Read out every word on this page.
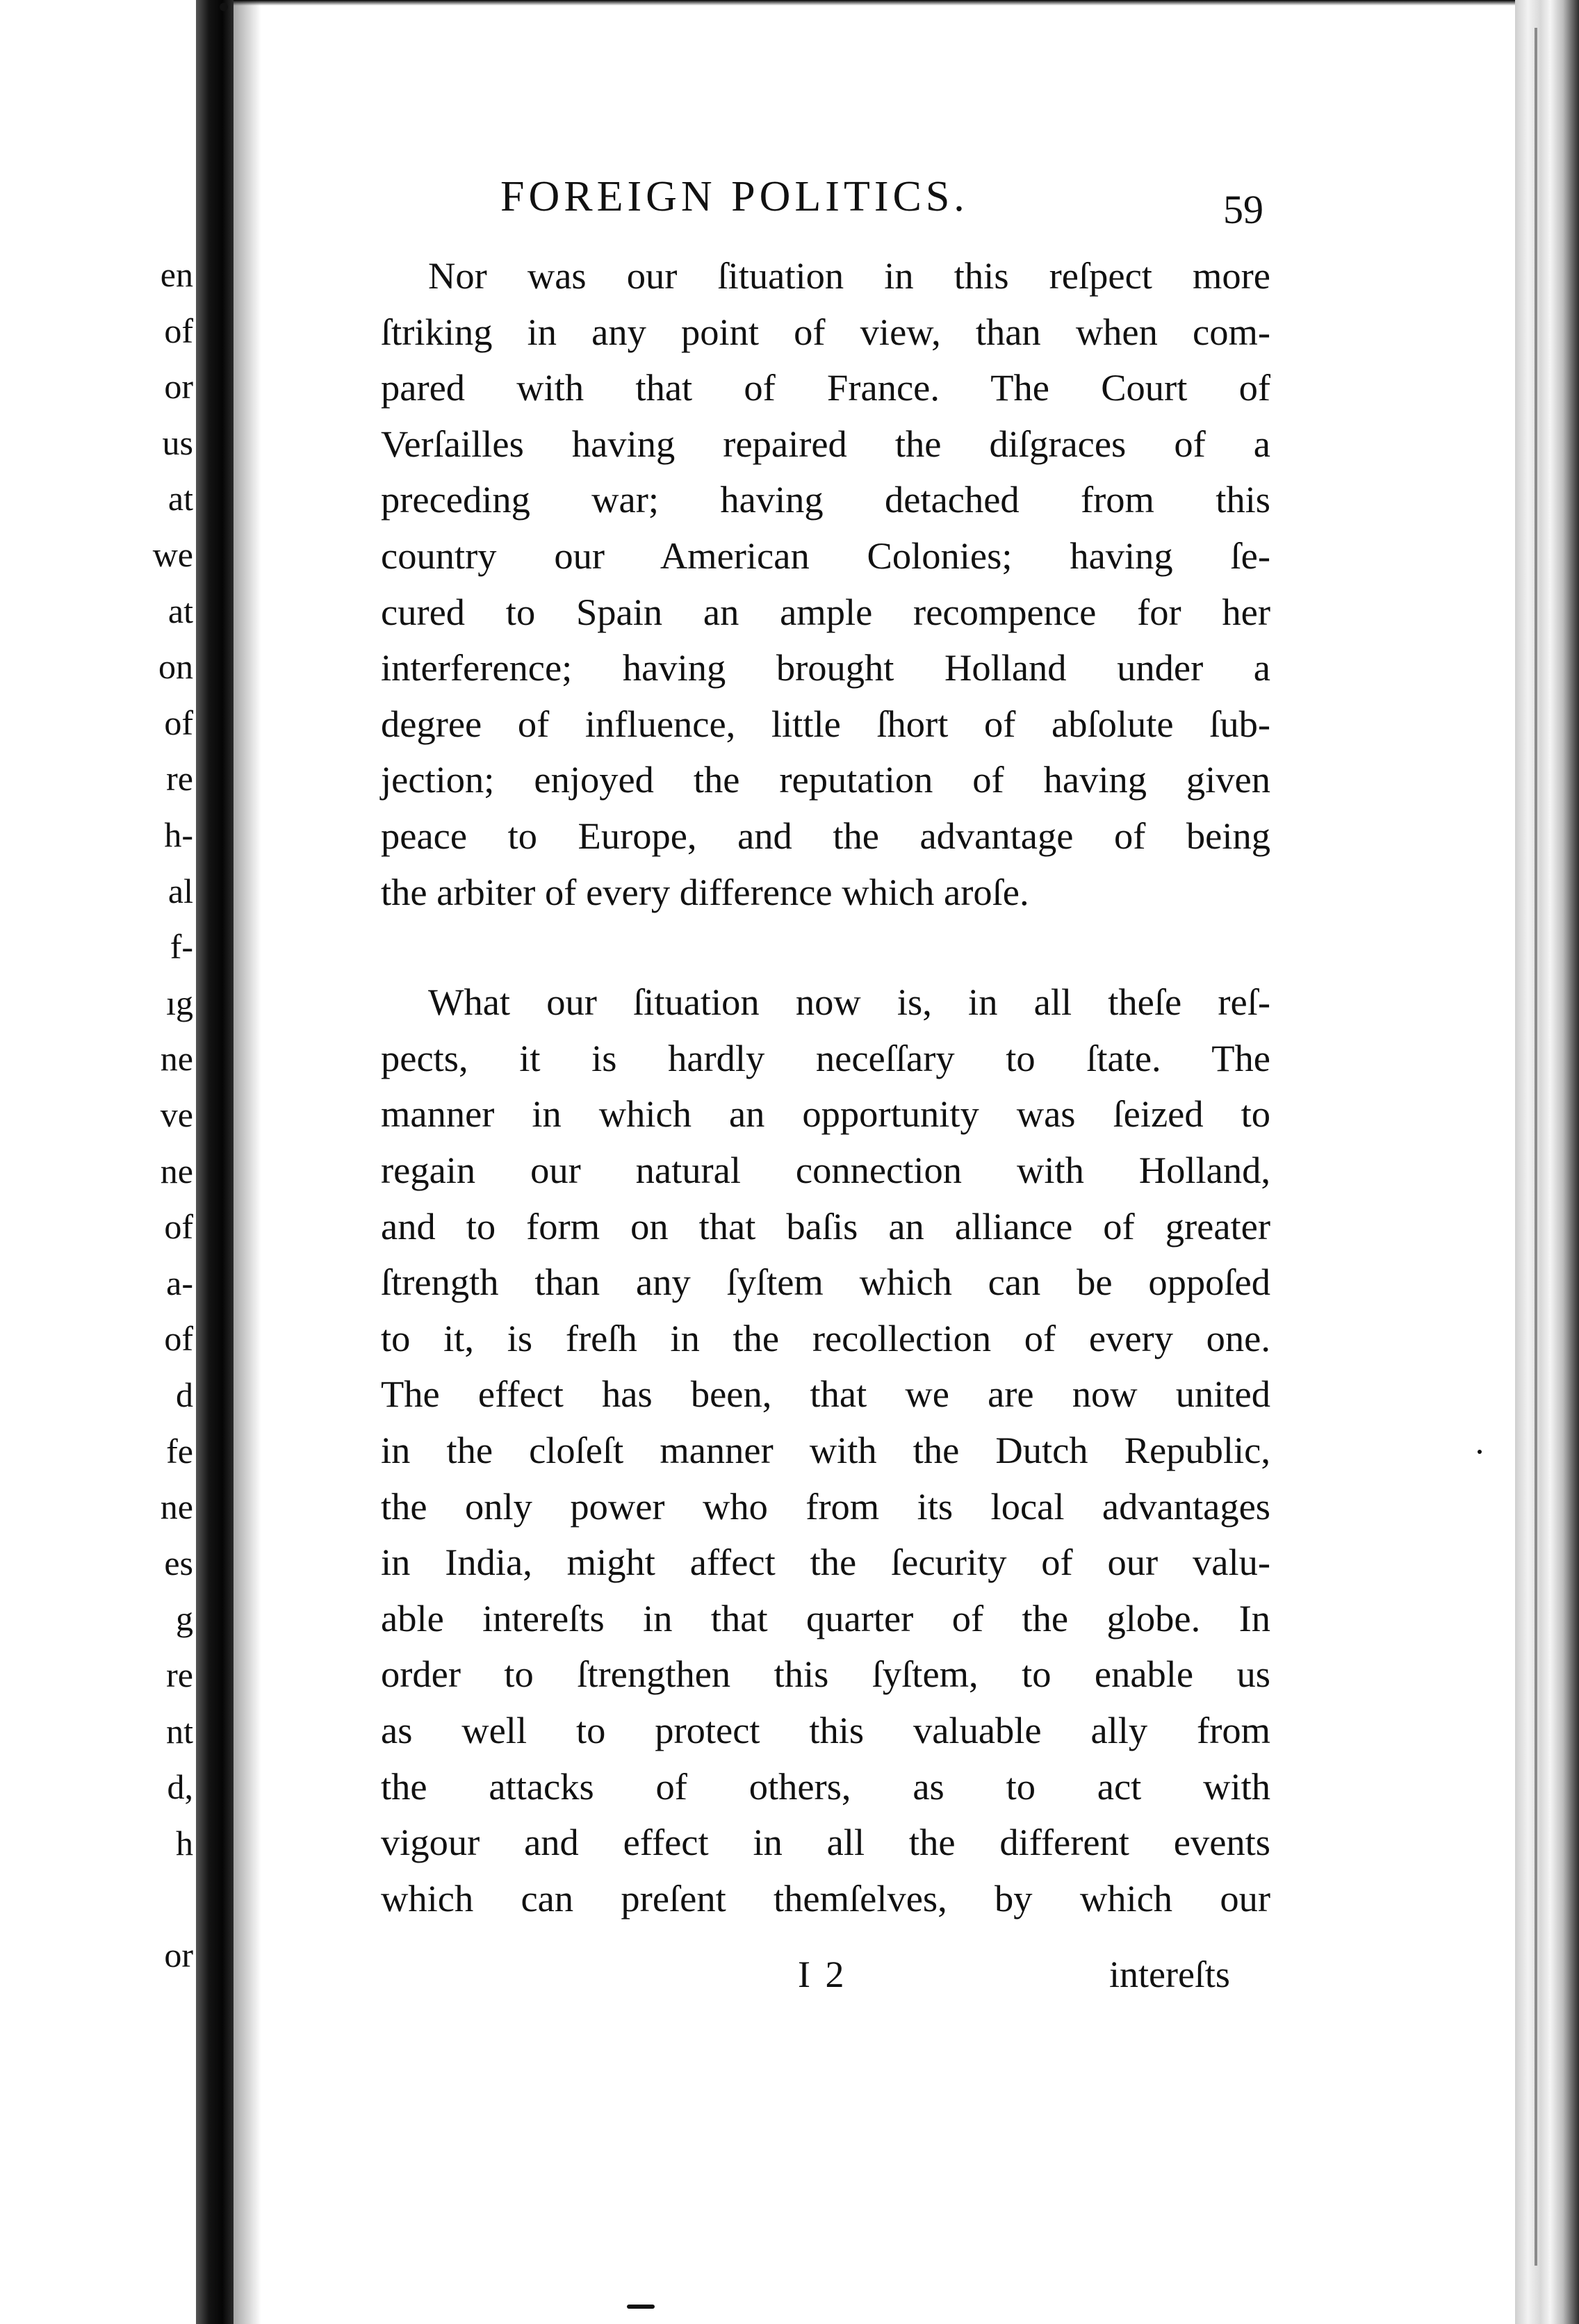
en
of
or
us
at
we
at
on
of
re
h-
al
f-
ıg
ne
ve
ne
of
a-
of
d
fe
ne
es
g
re
nt
d,
h
or
FOREIGN POLITICS.	59
Nor was our ſituation in this reſpect more
ſtriking in any point of view, than when com-
pared with that of France. The Court of
Verſailles having repaired the diſgraces of a
preceding war; having detached from this
country our American Colonies; having ſe-
cured to Spain an ample recompence for her
interference; having brought Holland under a
degree of influence, little ſhort of abſolute ſub-
jection; enjoyed the reputation of having given
peace to Europe, and the advantage of being
the arbiter of every difference which aroſe.
What our ſituation now is, in all theſe reſ-
pects, it is hardly neceſſary to ſtate. The
manner in which an opportunity was ſeized to
regain our natural connection with Holland,
and to form on that baſis an alliance of greater
ſtrength than any ſyſtem which can be oppoſed
to it, is freſh in the recollection of every one.
The effect has been, that we are now united
in the cloſeſt manner with the Dutch Republic,
the only power who from its local advantages
in India, might affect the ſecurity of our valu-
able intereſts in that quarter of the globe. In
order to ſtrengthen this ſyſtem, to enable us
as well to protect this valuable ally from
the attacks of others, as to act with
vigour and effect in all the different events
which can preſent themſelves, by which our
I 2	intereſts
